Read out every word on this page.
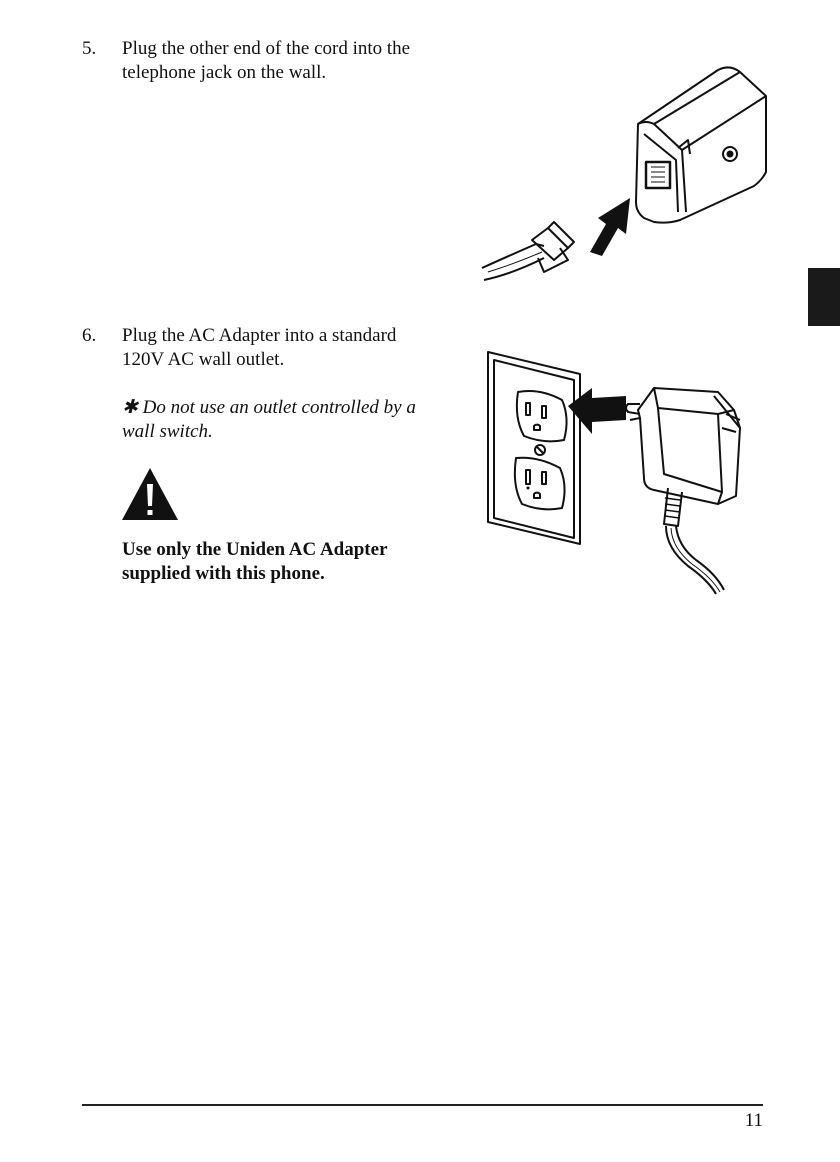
5. Plug the other end of the cord into the
telephone jack on the wall.
6. Plug the AC Adapter into a standard
120V AC wall outlet.
✱ Do not use an outlet controlled by a
wall switch.
Use only the Uniden AC Adapter
supplied with this phone.
11
